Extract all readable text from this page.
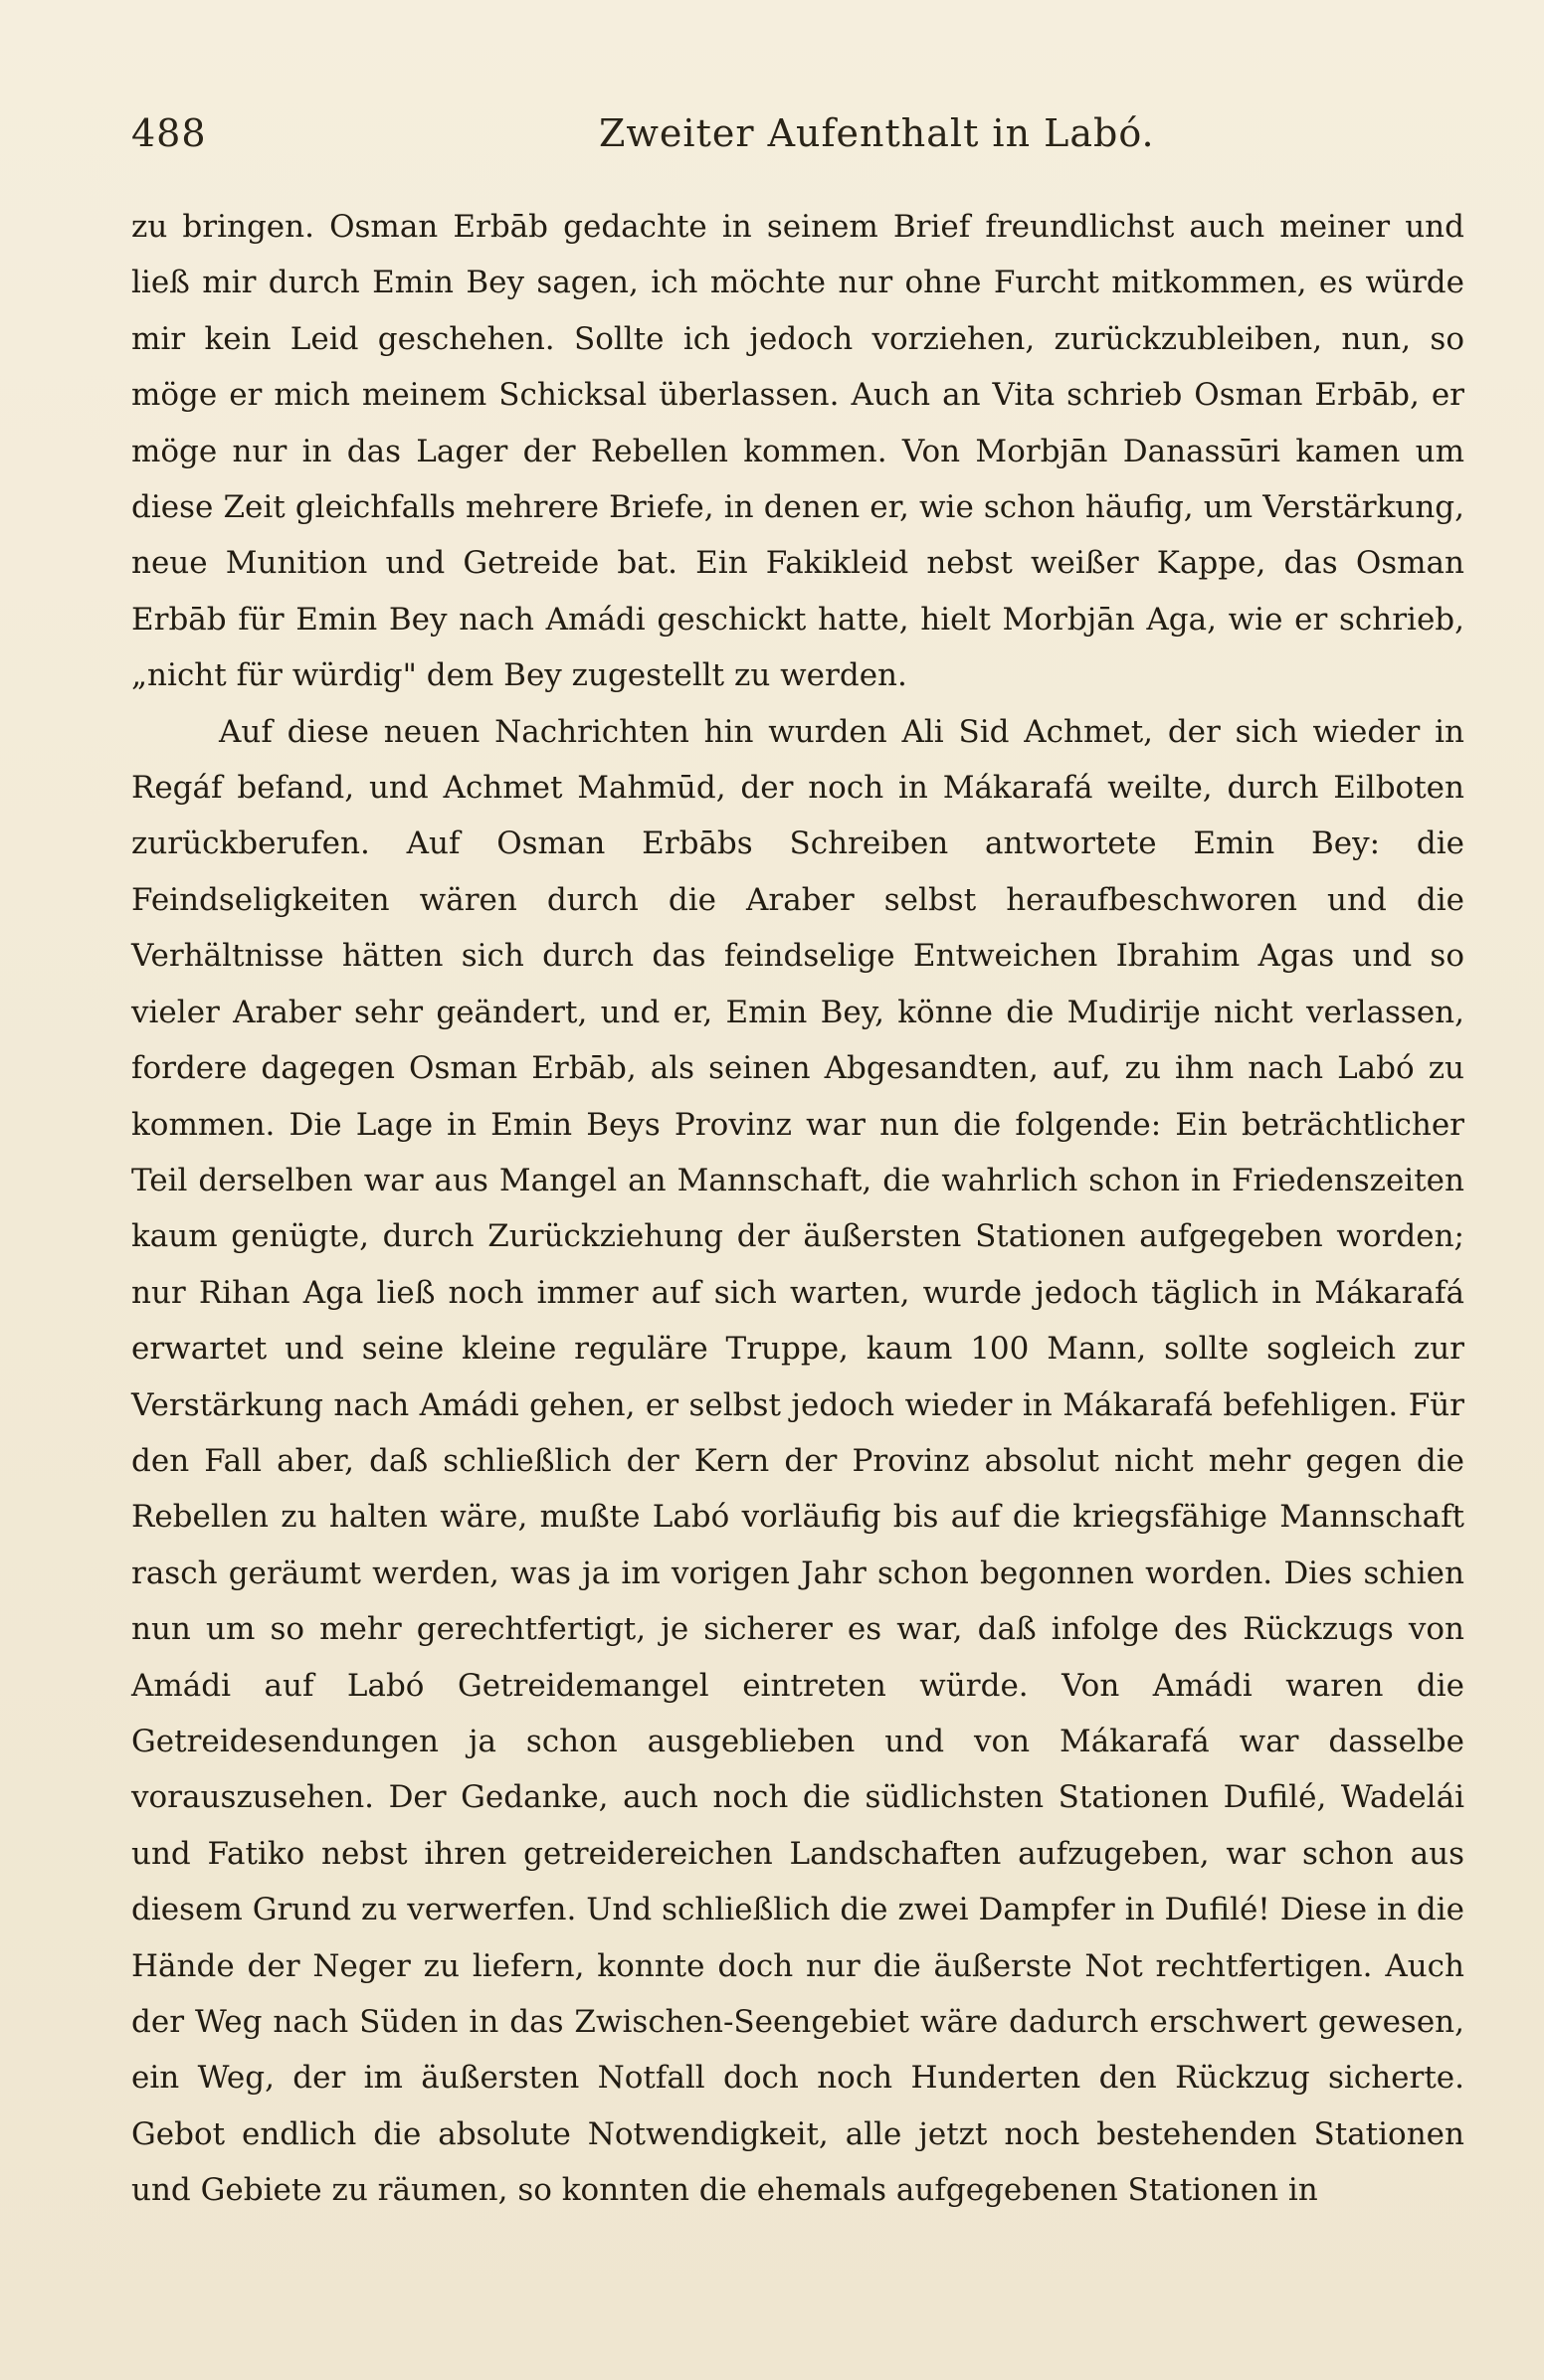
488	Zweiter Aufenthalt in Labó.

zu bringen. Osman Erbāb gedachte in seinem Brief freundlichst auch meiner und ließ mir durch Emin Bey sagen, ich möchte nur ohne Furcht mitkommen, es würde mir kein Leid geschehen. Sollte ich jedoch vorziehen, zurückzubleiben, nun, so möge er mich meinem Schicksal überlassen. Auch an Vita schrieb Osman Erbāb, er möge nur in das Lager der Rebellen kommen. Von Morbjān Danassūri kamen um diese Zeit gleichfalls mehrere Briefe, in denen er, wie schon häufig, um Verstärkung, neue Munition und Getreide bat. Ein Fakikleid nebst weißer Kappe, das Osman Erbāb für Emin Bey nach Amádi geschickt hatte, hielt Morbjān Aga, wie er schrieb, „nicht für würdig" dem Bey zugestellt zu werden.

Auf diese neuen Nachrichten hin wurden Ali Sid Achmet, der sich wieder in Regáf befand, und Achmet Mahmūd, der noch in Mákarafá weilte, durch Eilboten zurückberufen. Auf Osman Erbābs Schreiben antwortete Emin Bey: die Feindseligkeiten wären durch die Araber selbst heraufbeschworen und die Verhältnisse hätten sich durch das feindselige Entweichen Ibrahim Agas und so vieler Araber sehr geändert, und er, Emin Bey, könne die Mudirije nicht verlassen, fordere dagegen Osman Erbāb, als seinen Abgesandten, auf, zu ihm nach Labó zu kommen. Die Lage in Emin Beys Provinz war nun die folgende: Ein beträchtlicher Teil derselben war aus Mangel an Mannschaft, die wahrlich schon in Friedenszeiten kaum genügte, durch Zurückziehung der äußersten Stationen aufgegeben worden; nur Rihan Aga ließ noch immer auf sich warten, wurde jedoch täglich in Mákarafá erwartet und seine kleine reguläre Truppe, kaum 100 Mann, sollte sogleich zur Verstärkung nach Amádi gehen, er selbst jedoch wieder in Mákarafá befehligen. Für den Fall aber, daß schließlich der Kern der Provinz absolut nicht mehr gegen die Rebellen zu halten wäre, mußte Labó vorläufig bis auf die kriegsfähige Mannschaft rasch geräumt werden, was ja im vorigen Jahr schon begonnen worden. Dies schien nun um so mehr gerechtfertigt, je sicherer es war, daß infolge des Rückzugs von Amádi auf Labó Getreidemangel eintreten würde. Von Amádi waren die Getreidesendungen ja schon ausgeblieben und von Mákarafá war dasselbe vorauszusehen. Der Gedanke, auch noch die südlichsten Stationen Dufilé, Wadelái und Fatiko nebst ihren getreidereichen Landschaften aufzugeben, war schon aus diesem Grund zu verwerfen. Und schließlich die zwei Dampfer in Dufilé! Diese in die Hände der Neger zu liefern, konnte doch nur die äußerste Not rechtfertigen. Auch der Weg nach Süden in das Zwischen-Seengebiet wäre dadurch erschwert gewesen, ein Weg, der im äußersten Notfall doch noch Hunderten den Rückzug sicherte. Gebot endlich die absolute Notwendigkeit, alle jetzt noch bestehenden Stationen und Gebiete zu räumen, so konnten die ehemals aufgegebenen Stationen in
